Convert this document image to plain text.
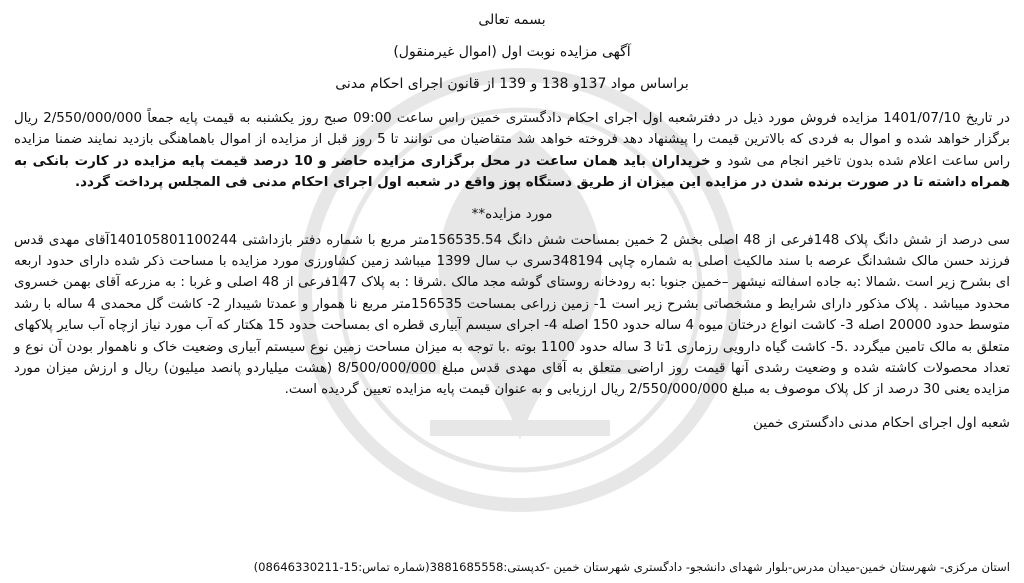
بسمه تعالی

آگهی مزایده نوبت اول (اموال غیرمنقول)

براساس مواد 137و 138 و 139 از قانون اجرای احکام مدنی

در تاریخ 1401/07/10 مزایده فروش مورد ذیل در دفترشعبه اول اجرای احکام دادگستری خمین راس ساعت 09:00 صبح روز یکشنبه به قیمت پایه جمعاً 2/550/000/000 ریال برگزار خواهد شده و اموال به فردی که بالاترین قیمت را پیشنهاد دهد فروخته خواهد شد متقاضیان می توانند تا 5 روز قبل از مزایده از اموال باهماهنگی بازدید نمایند ضمنا مزایده راس ساعت اعلام شده بدون تاخیر انجام می شود و خریداران باید همان ساعت در محل برگزاری مزایده حاضر و 10 درصد قیمت پایه مزایده در کارت بانکی به همراه داشته تا در صورت برنده شدن در مزایده این میزان از طریق دستگاه پوز واقع در شعبه اول اجرای احکام مدنی فی المجلس پرداخت گردد.

مورد مزایده**

سی درصد از شش دانگ پلاک 148فرعی از 48 اصلی بخش 2 خمین بمساحت شش دانگ 156535.54متر مربع با شماره دفتر بازداشتی 140105801100244آقای مهدی قدس فرزند حسن مالک ششدانگ عرصه با سند مالکیت اصلی به شماره چاپی 348194سری ب سال 1399 میباشد زمین کشاورزی مورد مزایده با مساحت ذکر شده دارای حدود اربعه ای بشرح زیر است .شمالا :به جاده اسفالته نیشهر –خمین جنوبا :به رودخانه روستای گوشه مجد مالک .شرقا : به پلاک 147فرعی از 48 اصلی و غربا : به مزرعه آقای بهمن خسروی محدود میباشد . پلاک مذکور دارای شرایط و مشخصاتی بشرح زیر است 1- زمین زراعی بمساحت 156535متر مربع نا هموار و عمدتا شیبدار 2- کاشت گل محمدی 4 ساله با رشد متوسط حدود 20000 اصله 3- کاشت انواع درختان میوه 4 ساله حدود 150 اصله 4- اجرای سیسم آبیاری قطره ای بمساحت حدود 15 هکتار که آب مورد نیاز ازچاه آب سایر پلاکهای متعلق به مالک تامین میگردد .5- کاشت گیاه دارویی رزماری 1تا 3 ساله حدود 1100 بوته .با توجه به میزان مساحت زمین نوع سیستم آبیاری وضعیت خاک و ناهموار بودن آن نوع و تعداد محصولات کاشته شده و وضعیت رشدی آنها قیمت روز اراضی متعلق به آقای مهدی قدس مبلغ 8/500/000/000 (هشت میلیاردو پانصد میلیون) ریال و ارزش میزان مورد مزایده یعنی 30 درصد از کل پلاک موصوف به مبلغ 2/550/000/000 ریال ارزیابی و به عنوان قیمت پایه مزایده تعیین گردیده است.

شعبه اول اجرای احکام مدنی دادگستری خمین

استان مرکزی- شهرستان خمین-میدان مدرس-بلوار شهدای دانشجو- دادگستری شهرستان خمین -کدپستی:3881685558(شماره تماس:15-08646330211)
